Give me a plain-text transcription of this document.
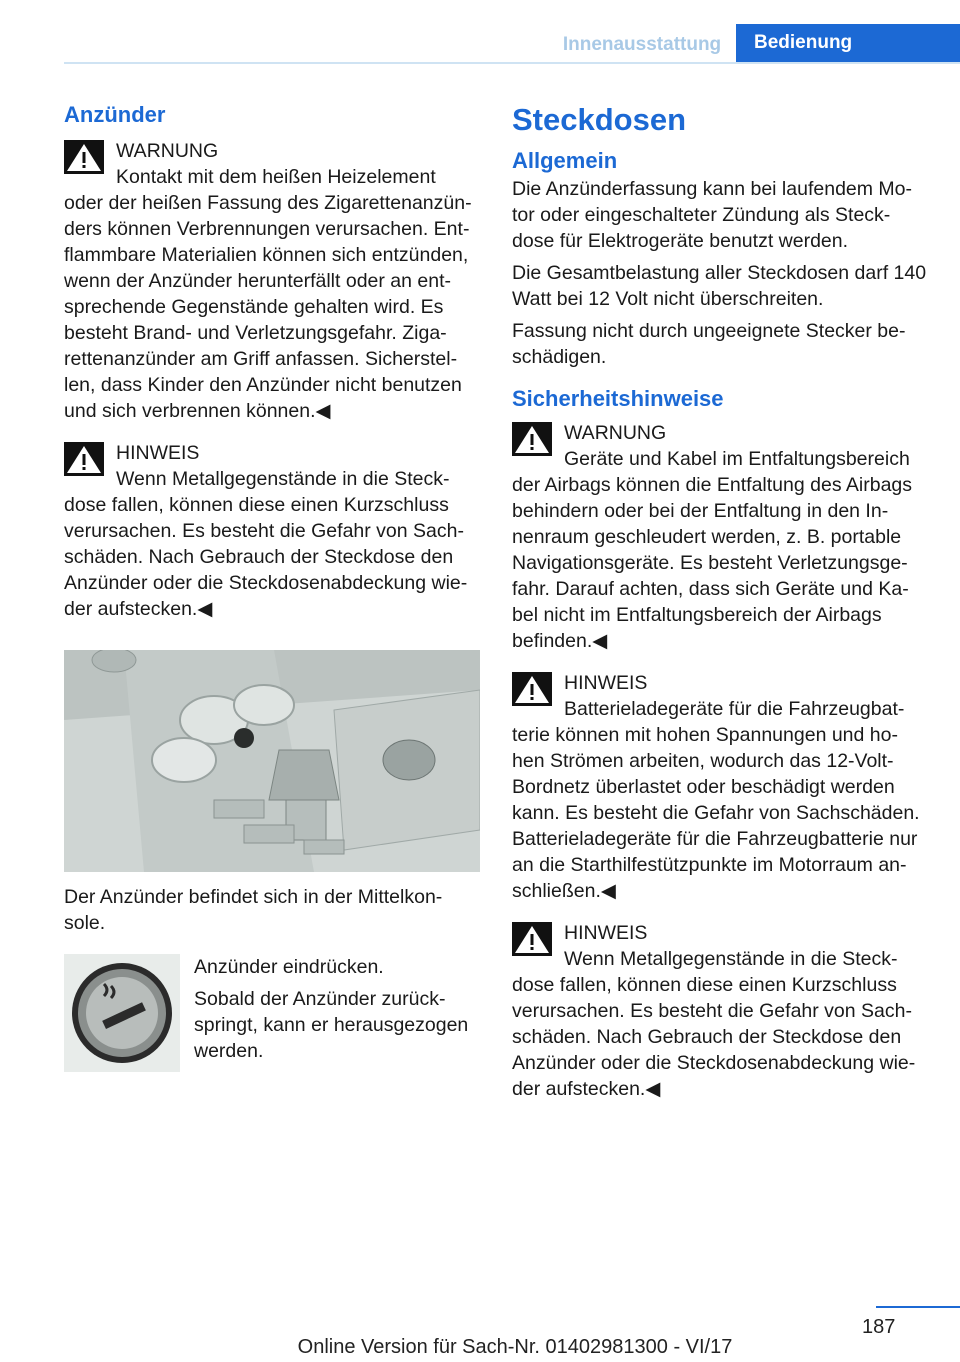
Innenausstattung	Bedienung
Anzünder

WARNUNG

Kontakt mit dem heißen Heizelement oder der heißen Fassung des Zigarettenanzün-ders können Verbrennungen verursachen. Ent-flammbare Materialien können sich entzünden, wenn der Anzünder herunterfällt oder an ent-sprechende Gegenstände gehalten wird. Es besteht Brand- und Verletzungsgefahr. Ziga-rettenanzünder am Griff anfassen. Sicherstel-len, dass Kinder den Anzünder nicht benutzen und sich verbrennen können.◀

HINWEIS

Wenn Metallgegenstände in die Steck-dose fallen, können diese einen Kurzschluss verursachen. Es besteht die Gefahr von Sach-schäden. Nach Gebrauch der Steckdose den Anzünder oder die Steckdosenabdeckung wie-der aufstecken.◀

Der Anzünder befindet sich in der Mittelkon-sole.

Anzünder eindrücken.

Sobald der Anzünder zurück-springt, kann er herausgezogen werden.

Steckdosen
Allgemein

Die Anzünderfassung kann bei laufendem Mo-tor oder eingeschalteter Zündung als Steck-dose für Elektrogeräte benutzt werden.

Die Gesamtbelastung aller Steckdosen darf 140 Watt bei 12 Volt nicht überschreiten.

Fassung nicht durch ungeeignete Stecker be-schädigen.

Sicherheitshinweise

WARNUNG

Geräte und Kabel im Entfaltungsbereich der Airbags können die Entfaltung des Airbags behindern oder bei der Entfaltung in den In-nenraum geschleudert werden, z. B. portable Navigationsgeräte. Es besteht Verletzungsge-fahr. Darauf achten, dass sich Geräte und Ka-bel nicht im Entfaltungsbereich der Airbags befinden.◀

HINWEIS

Batterieladegeräte für die Fahrzeugbat-terie können mit hohen Spannungen und ho-hen Strömen arbeiten, wodurch das 12-Volt-Bordnetz überlastet oder beschädigt werden kann. Es besteht die Gefahr von Sachschäden. Batterieladegeräte für die Fahrzeugbatterie nur an die Starthilfestützpunkte im Motorraum an-schließen.◀

HINWEIS

Wenn Metallgegenstände in die Steck-dose fallen, können diese einen Kurzschluss verursachen. Es besteht die Gefahr von Sach-schäden. Nach Gebrauch der Steckdose den Anzünder oder die Steckdosenabdeckung wie-der aufstecken.◀

187
Online Version für Sach-Nr. 01402981300 - VI/17
